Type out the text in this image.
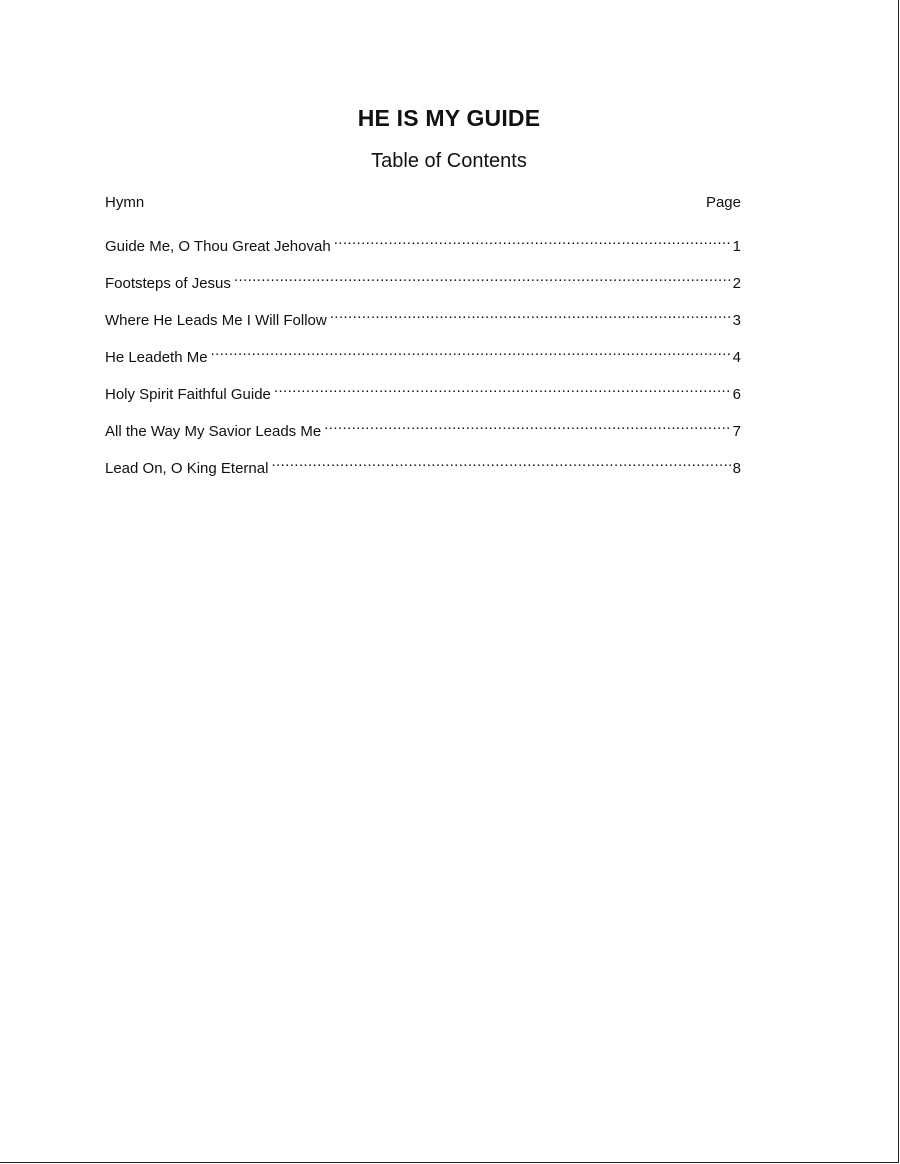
HE IS MY GUIDE
Table of Contents
Hymn	Page
Guide Me, O Thou Great Jehovah .....	1
Footsteps of Jesus .....	2
Where He Leads Me I Will Follow .....	3
He Leadeth Me .....	4
Holy Spirit Faithful Guide .....	6
All the Way My Savior Leads Me .....	7
Lead On, O King Eternal .....	8
